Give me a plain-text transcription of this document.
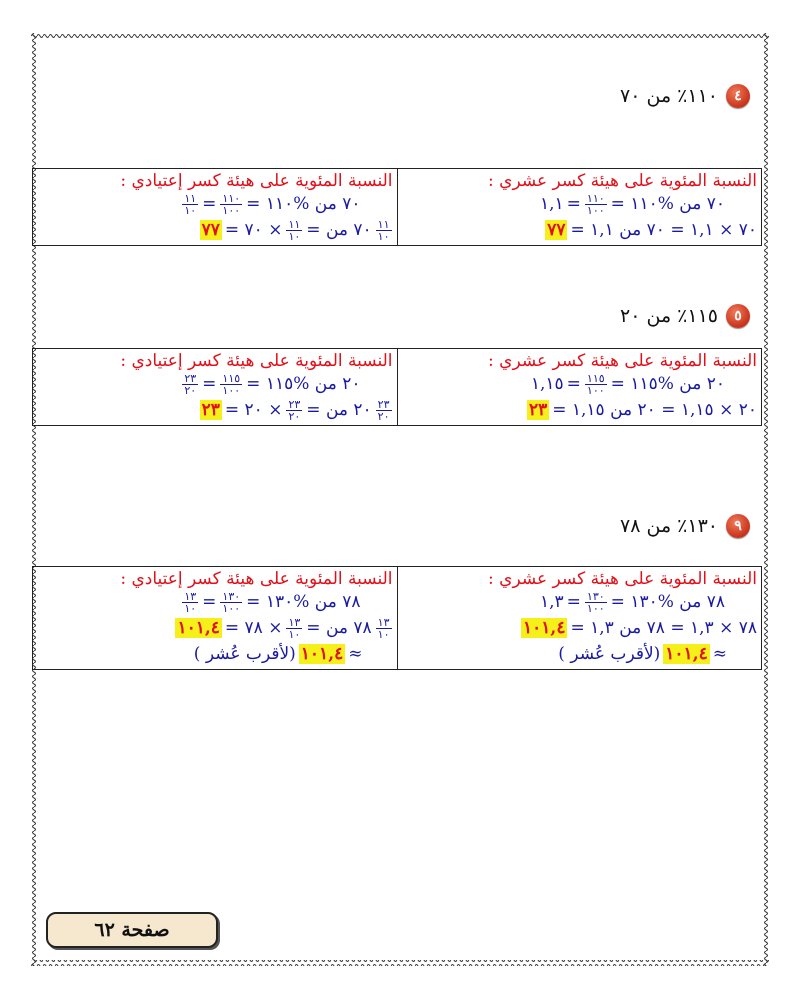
٤
١١٠٪ من ٧٠
النسبة المئوية على هيئة كسر عشري :
١,١ = $\frac{١١٠}{١٠٠}$ = ٧٠ من %١١٠
٧٧ = ٧٠ × ١,١ = ٧٠ من ١,١

النسبة المئوية على هيئة كسر إعتيادي :
$\frac{١١}{١٠} = \frac{١١٠}{١٠٠}$ = ٧٠ من %١١٠
٧٧ = ٧٠ × $\frac{١١}{١٠}$ = ٧٠ من $\frac{١١}{١٠}$
٥
١١٥٪ من ٢٠
النسبة المئوية على هيئة كسر عشري :
١,١٥ = $\frac{١١٥}{١٠٠}$ = ٢٠ من %١١٥
٢٣ = ٢٠ × ١,١٥ = ٢٠ من ١,١٥

النسبة المئوية على هيئة كسر إعتيادي :
$\frac{٢٣}{٢٠} = \frac{١١٥}{١٠٠}$ = ٢٠ من %١١٥
٢٣ = ٢٠ × $\frac{٢٣}{٢٠}$ = ٢٠ من $\frac{٢٣}{٢٠}$
٩
١٣٠٪ من ٧٨
النسبة المئوية على هيئة كسر عشري :
١,٣ = $\frac{١٣٠}{١٠٠}$ = ٧٨ من %١٣٠
١٠١,٤ = ٧٨ × ١,٣ = ٧٨ من ١,٣
( لأقرب عُشر) ١٠١,٤ ≈

النسبة المئوية على هيئة كسر إعتيادي :
$\frac{١٣}{١٠} = \frac{١٣٠}{١٠٠}$ = ٧٨ من %١٣٠
١٠١,٤ = ٧٨ × $\frac{١٣}{١٠}$ = ٧٨ من $\frac{١٣}{١٠}$
( لأقرب عُشر) ١٠١,٤ ≈
صفحة ٦٢
